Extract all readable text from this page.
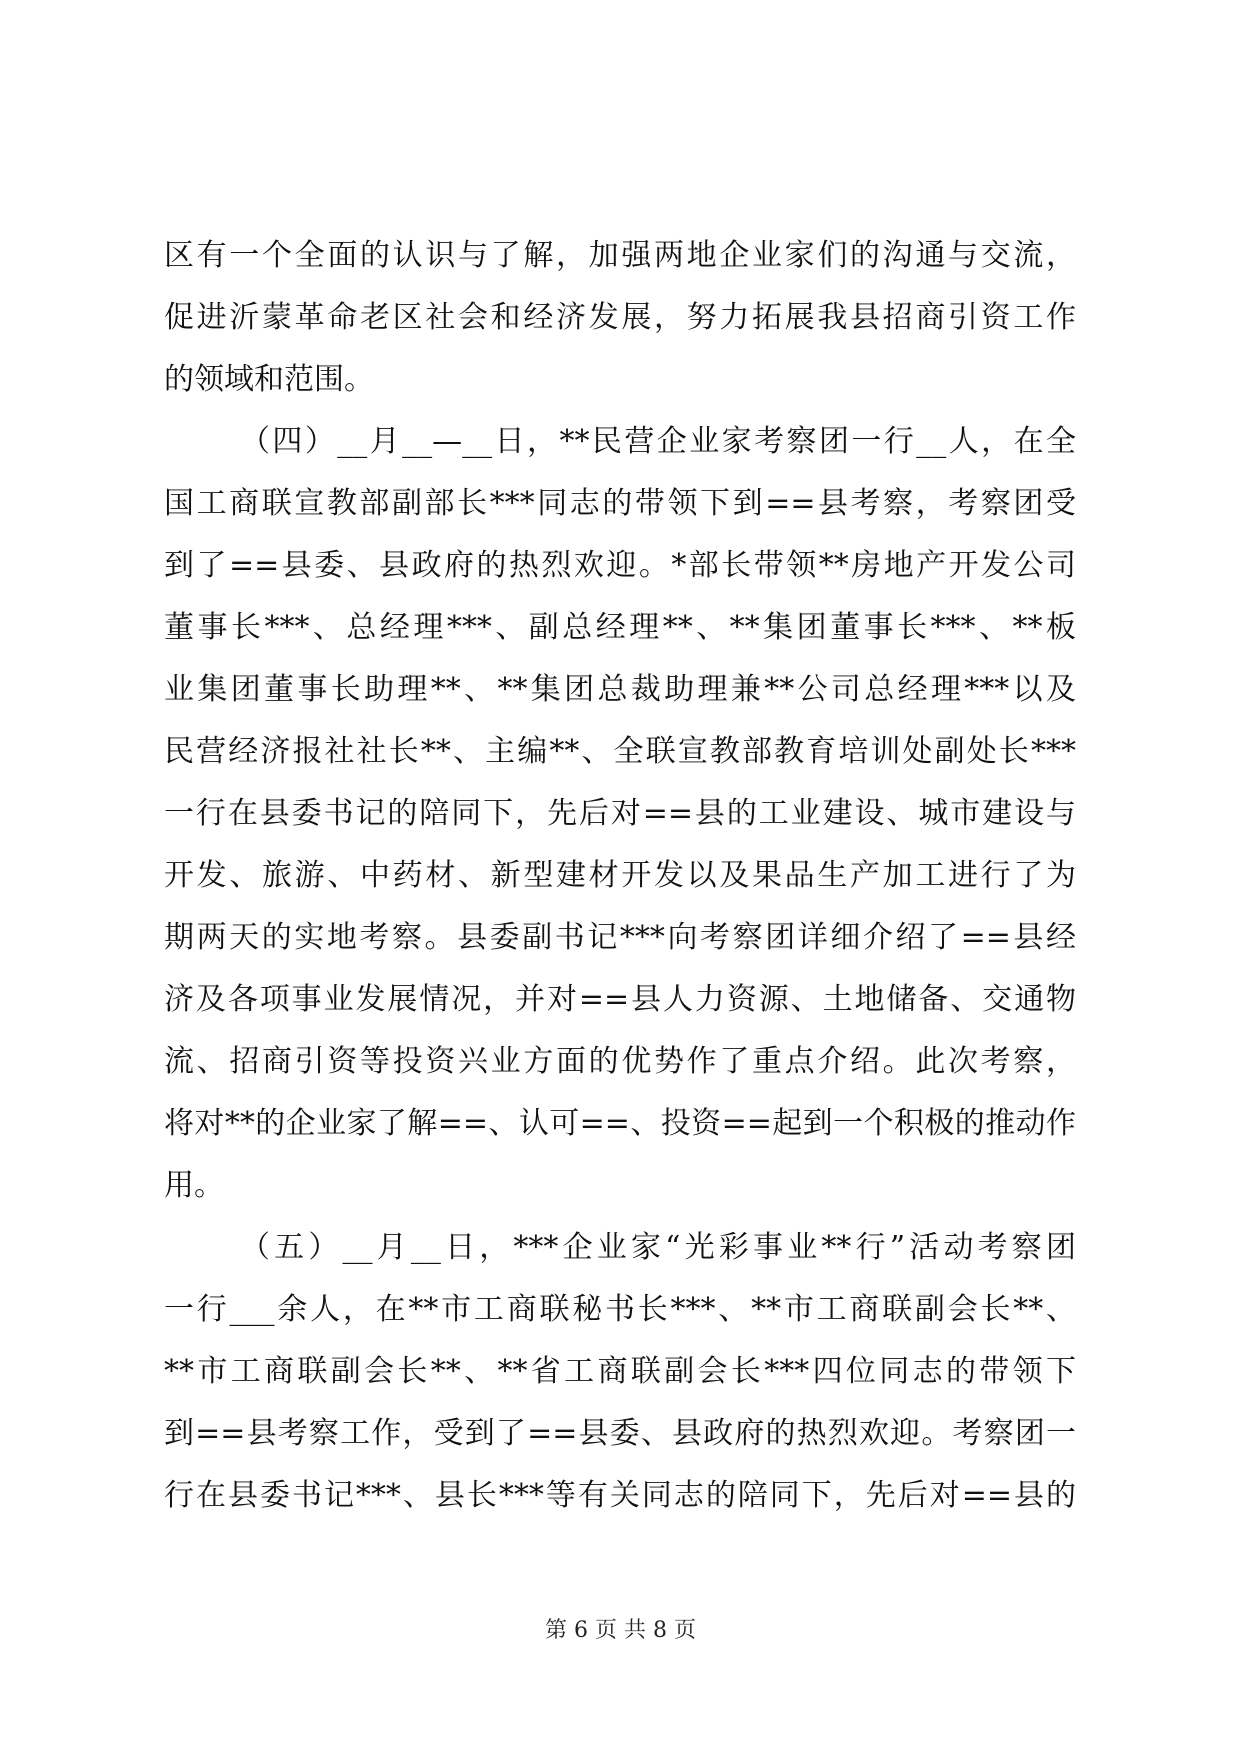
区有一个全面的认识与了解，加强两地企业家们的沟通与交流，
促进沂蒙革命老区社会和经济发展，努力拓展我县招商引资工作
的领域和范围。
（四）__月__—__日，**民营企业家考察团一行__人，在全
国工商联宣教部副部长***同志的带领下到==县考察，考察团受
到了==县委、县政府的热烈欢迎。*部长带领**房地产开发公司
董事长***、总经理***、副总经理**、**集团董事长***、**板
业集团董事长助理**、**集团总裁助理兼**公司总经理***以及
民营经济报社社长**、主编**、全联宣教部教育培训处副处长***
一行在县委书记的陪同下，先后对==县的工业建设、城市建设与
开发、旅游、中药材、新型建材开发以及果品生产加工进行了为
期两天的实地考察。县委副书记***向考察团详细介绍了==县经
济及各项事业发展情况，并对==县人力资源、土地储备、交通物
流、招商引资等投资兴业方面的优势作了重点介绍。此次考察，
将对**的企业家了解==、认可==、投资==起到一个积极的推动作
用。
（五）__月__日，***企业家“光彩事业**行”活动考察团
一行___余人，在**市工商联秘书长***、**市工商联副会长**、
**市工商联副会长**、**省工商联副会长***四位同志的带领下
到==县考察工作，受到了==县委、县政府的热烈欢迎。考察团一
行在县委书记***、县长***等有关同志的陪同下，先后对==县的
第 6 页 共 8 页
